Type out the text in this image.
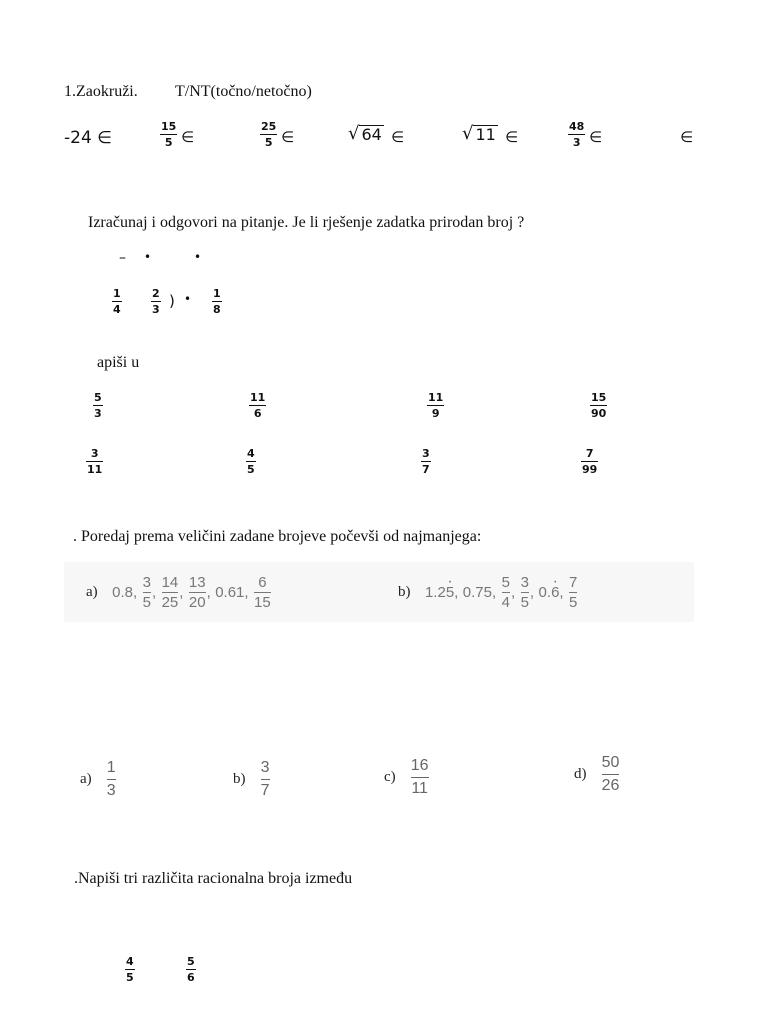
1.Zaokruži. T/NT(točno/netočno)
-24 ∈
15
5 ∈
25
5 ∈	√ 64 ∈	√ 11 ∈
48
3 ∈	∈
Izračunaj i odgovori na pitanje. Je li rješenje zadatka prirodan broj ?
– •	•
1
4
2
3 ) • 1
8
apiši u
5
3
11
6
11
9
15
90
3
11
4
5
3
7
7
99
. Poredaj prema veličini zadane brojeve počevši od najmanjega:
a) 0.8, $\frac{3}{5}$ , $\frac{14}{25}$ , $\frac{13}{20}$ , 0.61, $\frac{6}{15}$	b) 1.25 ·, 0.75, $\frac{5}{4}$ , $\frac{3}{5}$ , 0.6 ·, $\frac{7}{5}$
$a) \frac{1}{3}$	$b) \frac{3}{7}$	$c) \frac{16}{11}$	$d) \frac{50}{26}$
.Napiši tri različita racionalna broja između
4
5
5
6
